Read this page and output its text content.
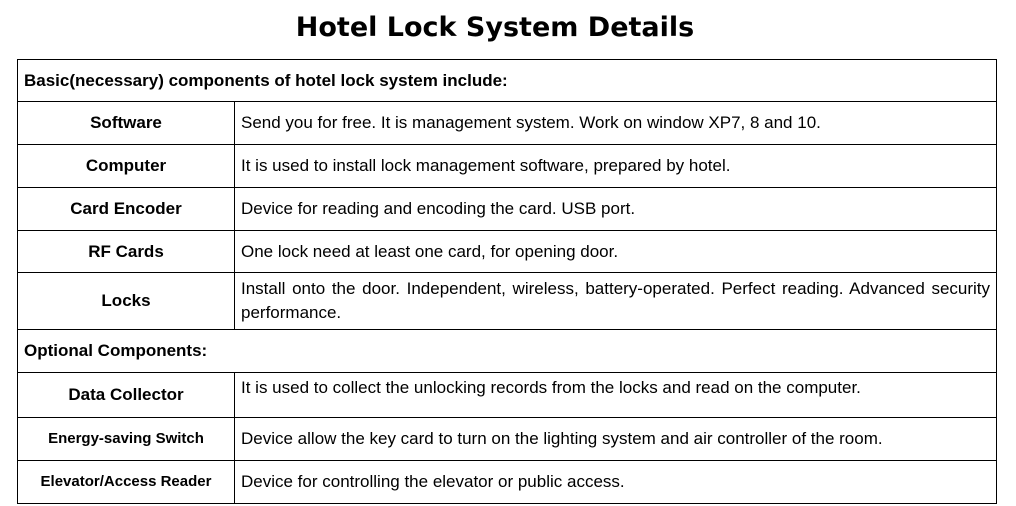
Hotel Lock System Details
Basic(necessary) components of hotel lock system include:	
Software	Send you for free. It is management system. Work on window XP7, 8 and 10.
Computer	It is used to install lock management software, prepared by hotel.
Card Encoder	Device for reading and encoding the card. USB port.
RF Cards	One lock need at least one card, for opening door.
Locks	Install onto the door. Independent, wireless, battery-operated. Perfect reading. Advanced security performance.
Optional Components:	
Data Collector	It is used to collect the unlocking records from the locks and read on the computer.
Energy-saving Switch	Device allow the key card to turn on the lighting system and air controller of the room.
Elevator/Access Reader	Device for controlling the elevator or public access.
